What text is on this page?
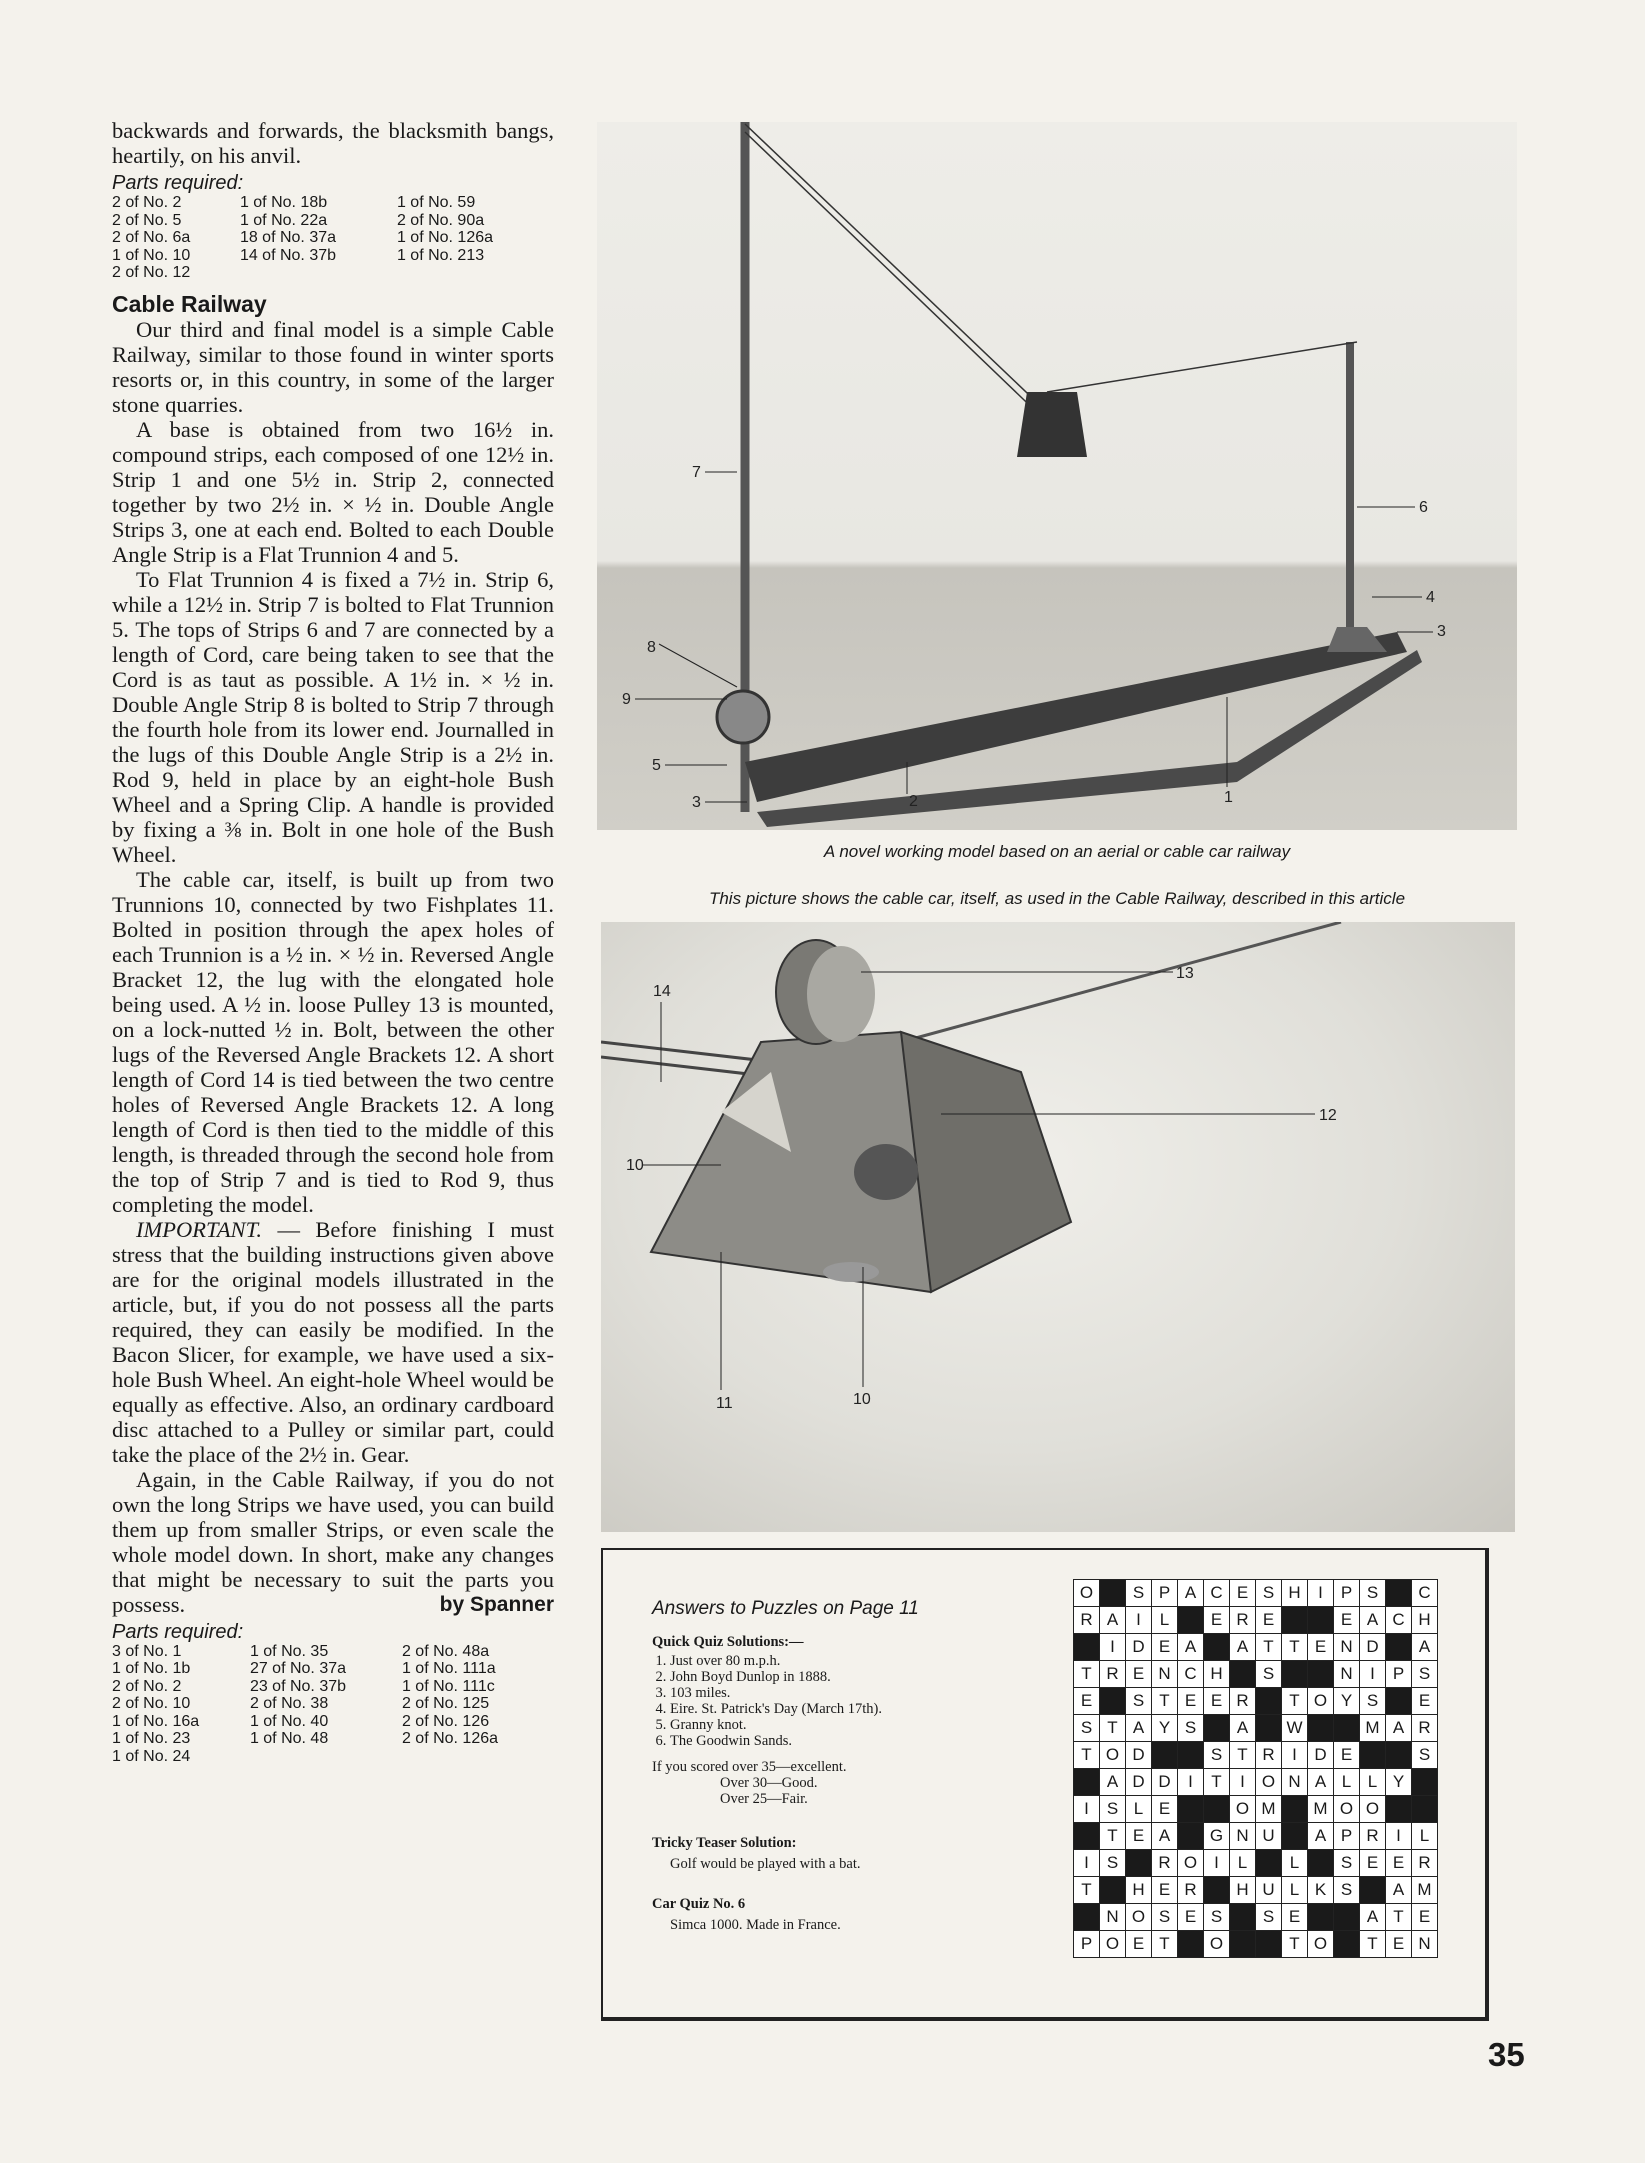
backwards and forwards, the blacksmith bangs, heartily, on his anvil.

Parts required:
2 of No. 2	1 of No. 18b	1 of No. 59
2 of No. 5	1 of No. 22a	2 of No. 90a
2 of No. 6a	18 of No. 37a	1 of No. 126a
1 of No. 10	14 of No. 37b	1 of No. 213
2 of No. 12		
Cable Railway

Our third and final model is a simple Cable Railway, similar to those found in winter sports resorts or, in this country, in some of the larger stone quarries.

A base is obtained from two 16½ in. compound strips, each composed of one 12½ in. Strip 1 and one 5½ in. Strip 2, connected together by two 2½ in. × ½ in. Double Angle Strips 3, one at each end. Bolted to each Double Angle Strip is a Flat Trunnion 4 and 5.

To Flat Trunnion 4 is fixed a 7½ in. Strip 6, while a 12½ in. Strip 7 is bolted to Flat Trunnion 5. The tops of Strips 6 and 7 are connected by a length of Cord, care being taken to see that the Cord is as taut as possible. A 1½ in. × ½ in. Double Angle Strip 8 is bolted to Strip 7 through the fourth hole from its lower end. Journalled in the lugs of this Double Angle Strip is a 2½ in. Rod 9, held in place by an eight-hole Bush Wheel and a Spring Clip. A handle is provided by fixing a ⅜ in. Bolt in one hole of the Bush Wheel.

The cable car, itself, is built up from two Trunnions 10, connected by two Fishplates 11. Bolted in position through the apex holes of each Trunnion is a ½ in. × ½ in. Reversed Angle Bracket 12, the lug with the elongated hole being used. A ½ in. loose Pulley 13 is mounted, on a lock-nutted ½ in. Bolt, between the other lugs of the Reversed Angle Brackets 12. A short length of Cord 14 is tied between the two centre holes of Reversed Angle Brackets 12. A long length of Cord is then tied to the middle of this length, is threaded through the second hole from the top of Strip 7 and is tied to Rod 9, thus completing the model.

IMPORTANT. — Before finishing I must stress that the building instructions given above are for the original models illustrated in the article, but, if you do not possess all the parts required, they can easily be modified. In the Bacon Slicer, for example, we have used a six-hole Bush Wheel. An eight-hole Wheel would be equally as effective. Also, an ordinary cardboard disc attached to a Pulley or similar part, could take the place of the 2½ in. Gear.

Again, in the Cable Railway, if you do not own the long Strips we have used, you can build them up from smaller Strips, or even scale the whole model down. In short, make any changes that might be necessary to suit the parts you possess.	by Spanner

Parts required:
3 of No. 1	1 of No. 35	2 of No. 48a
1 of No. 1b	27 of No. 37a	1 of No. 111a
2 of No. 2	23 of No. 37b	1 of No. 111c
2 of No. 10	2 of No. 38	2 of No. 125
1 of No. 16a	1 of No. 40	2 of No. 126
1 of No. 23	1 of No. 48	2 of No. 126a
1 of No. 24		
7
6
4
3
8
9
5
3	2	1
A novel working model based on an aerial or cable car railway
This picture shows the cable car, itself, as used in the Cable Railway, described in this article
10
10
11
12
13
14
Answers to Puzzles on Page 11
Quick Quiz Solutions:—
1. Just over 80 m.p.h.
2. John Boyd Dunlop in 1888.
3. 103 miles.
4. Eire. St. Patrick's Day (March 17th).
5. Granny knot.
6. The Goodwin Sands.
If you scored over 35—excellent.
Over 30—Good.
Over 25—Fair.
Tricky Teaser Solution:
Golf would be played with a bat.
Car Quiz No. 6
Simca 1000. Made in France.
O		S	P	A	C	E	S	H	I	P	S		C
R	A	I	L		E	R	E			E	A	C	H
	I	D	E	A		A	T	T	E	N	D		A
T	R	E	N	C	H		S			N	I	P	S
E		S	T	E	E	R		T	O	Y	S		E
S	T	A	Y	S		A		W			M	A	R
T	O	D			S	T	R	I	D	E			S
	A	D	D	I	T	I	O	N	A	L	L	Y	
I	S	L	E			O	M		M	O	O		
	T	E	A		G	N	U		A	P	R	I	L
I	S		R	O	I	L		L		S	E	E	R
T		H	E	R		H	U	L	K	S		A	M
	N	O	S	E	S		S	E			A	T	E
P	O	E	T		O			T	O		T	E	N
35
